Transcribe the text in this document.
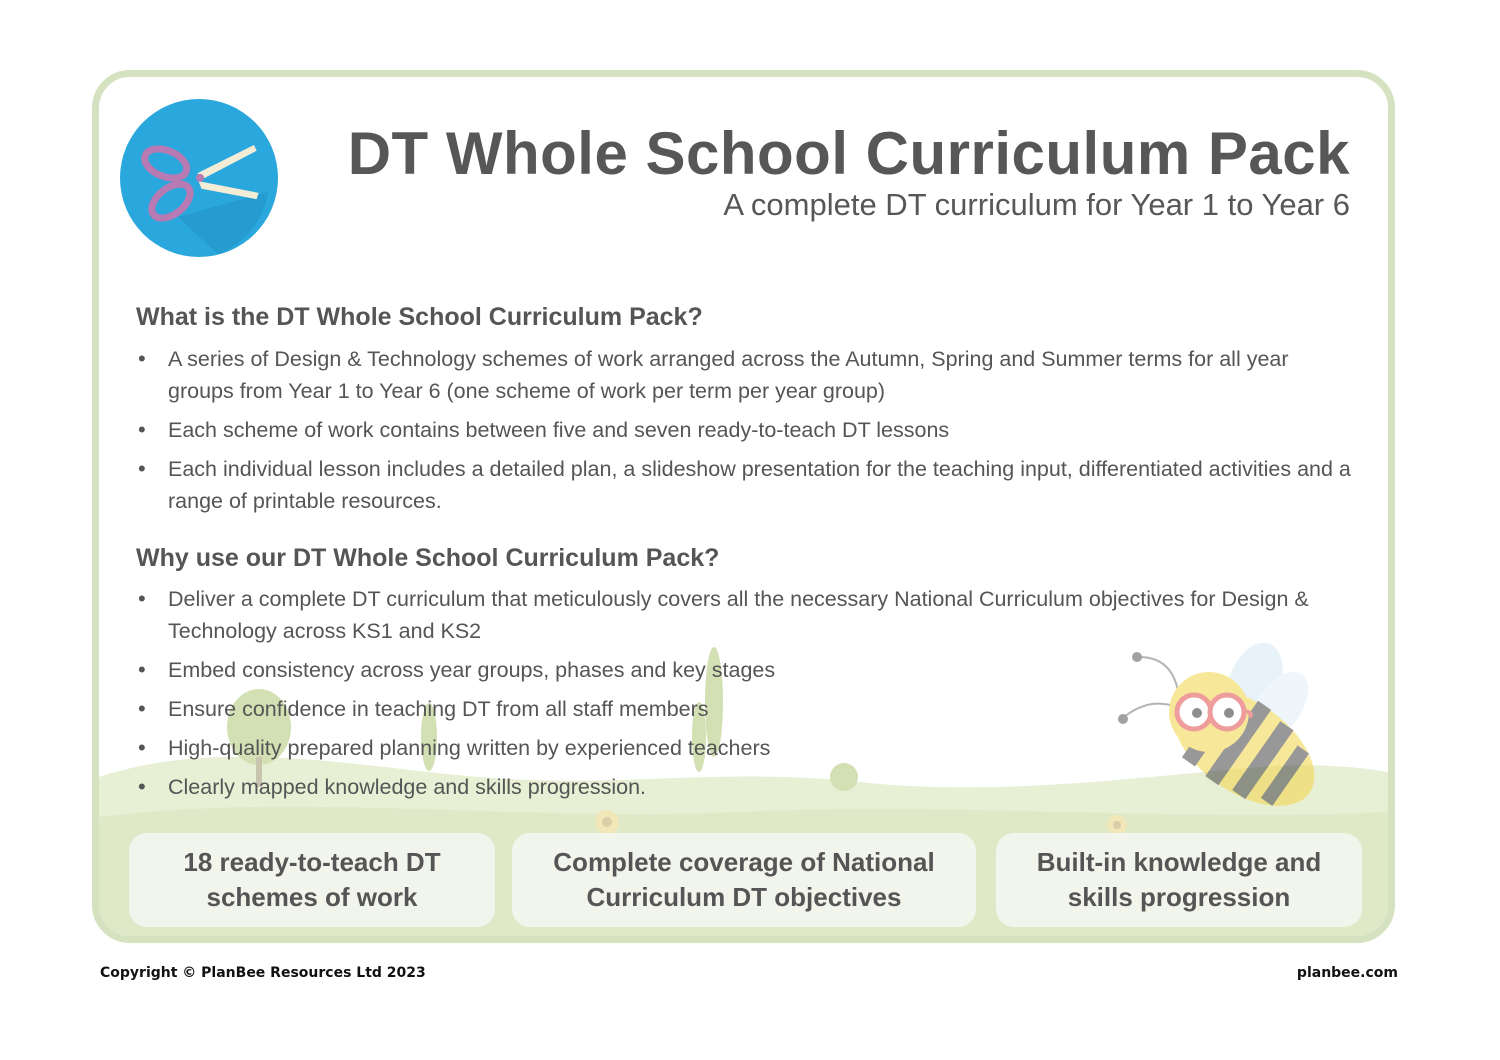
DT Whole School Curriculum Pack

A complete DT curriculum for Year 1 to Year 6

What is the DT Whole School Curriculum Pack?
• A series of Design & Technology schemes of work arranged across the Autumn, Spring and Summer terms for all year groups from Year 1 to Year 6 (one scheme of work per term per year group)
• Each scheme of work contains between five and seven ready-to-teach DT lessons
• Each individual lesson includes a detailed plan, a slideshow presentation for the teaching input, differentiated activities and a range of printable resources.
Why use our DT Whole School Curriculum Pack?
• Deliver a complete DT curriculum that meticulously covers all the necessary National Curriculum objectives for Design & Technology across KS1 and KS2
• Embed consistency across year groups, phases and key stages
• Ensure confidence in teaching DT from all staff members
• High-quality prepared planning written by experienced teachers
• Clearly mapped knowledge and skills progression.
18 ready-to-teach DT
schemes of work
Complete coverage of National
Curriculum DT objectives
Built-in knowledge and
skills progression
Copyright © PlanBee Resources Ltd 2023	planbee.com
